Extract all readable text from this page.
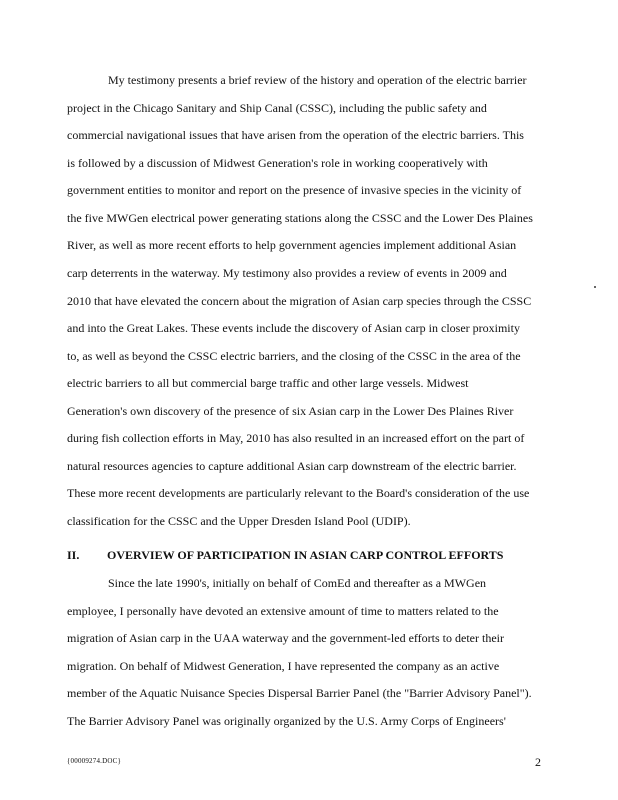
My testimony presents a brief review of the history and operation of the electric barrier
project in the Chicago Sanitary and Ship Canal (CSSC), including the public safety and
commercial navigational issues that have arisen from the operation of the electric barriers. This
is followed by a discussion of Midwest Generation's role in working cooperatively with
government entities to monitor and report on the presence of invasive species in the vicinity of
the five MWGen electrical power generating stations along the CSSC and the Lower Des Plaines
River, as well as more recent efforts to help government agencies implement additional Asian
carp deterrents in the waterway. My testimony also provides a review of events in 2009 and
2010 that have elevated the concern about the migration of Asian carp species through the CSSC
and into the Great Lakes. These events include the discovery of Asian carp in closer proximity
to, as well as beyond the CSSC electric barriers, and the closing of the CSSC in the area of the
electric barriers to all but commercial barge traffic and other large vessels. Midwest
Generation's own discovery of the presence of six Asian carp in the Lower Des Plaines River
during fish collection efforts in May, 2010 has also resulted in an increased effort on the part of
natural resources agencies to capture additional Asian carp downstream of the electric barrier.
These more recent developments are particularly relevant to the Board's consideration of the use
classification for the CSSC and the Upper Dresden Island Pool (UDIP).
II. OVERVIEW OF PARTICIPATION IN ASIAN CARP CONTROL EFFORTS
Since the late 1990's, initially on behalf of ComEd and thereafter as a MWGen
employee, I personally have devoted an extensive amount of time to matters related to the
migration of Asian carp in the UAA waterway and the government-led efforts to deter their
migration. On behalf of Midwest Generation, I have represented the company as an active
member of the Aquatic Nuisance Species Dispersal Barrier Panel (the "Barrier Advisory Panel").
The Barrier Advisory Panel was originally organized by the U.S. Army Corps of Engineers'
{00009274.DOC}	2
